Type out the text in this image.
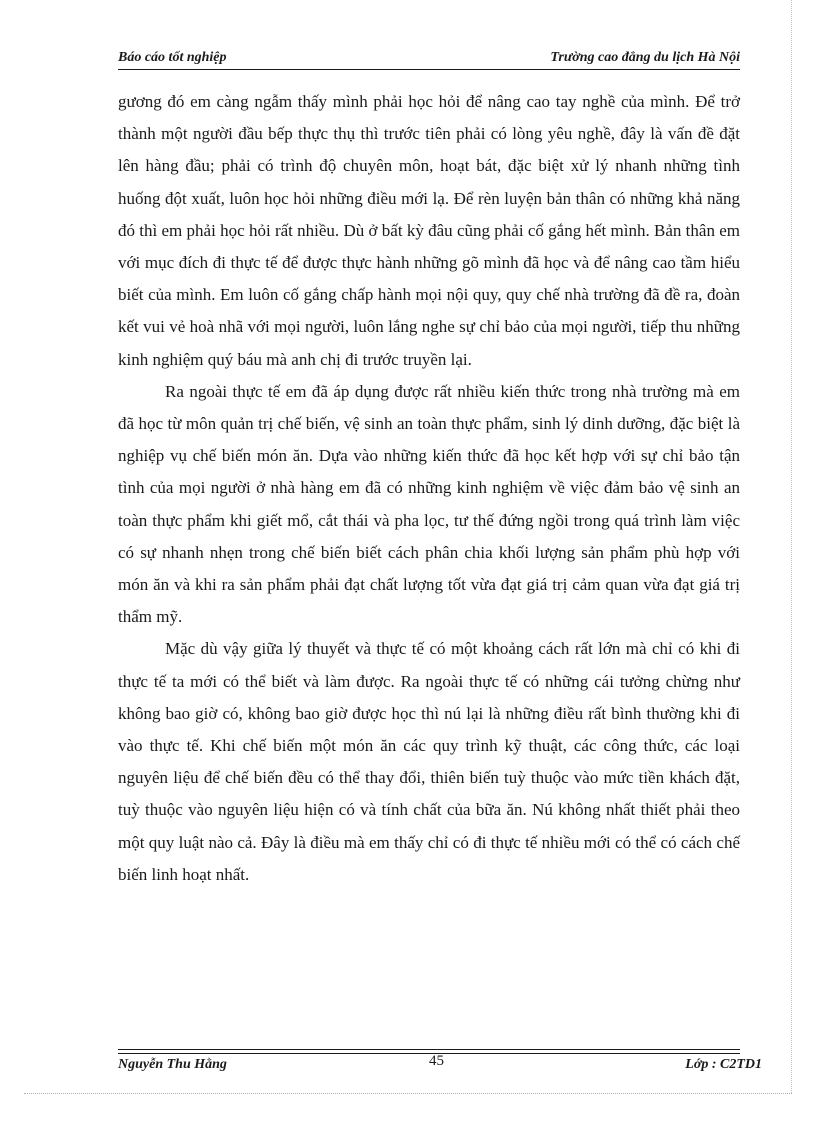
Báo cáo tốt nghiệp	Trường cao đẳng du lịch Hà Nội

gương đó em càng ngẫm thấy mình phải học hỏi để nâng cao tay nghề của mình. Để trở thành một người đầu bếp thực thụ thì trước tiên phải có lòng yêu nghề, đây là vấn đề đặt lên hàng đầu; phải có trình độ chuyên môn, hoạt bát, đặc biệt xử lý nhanh những tình huống đột xuất, luôn học hỏi những điều mới lạ. Để rèn luyện bản thân có những khả năng đó thì em phải học hỏi rất nhiều. Dù ở bất kỳ đâu cũng phải cố gắng hết mình. Bản thân em với mục đích đi thực tế để được thực hành những gõ mình đã học và để nâng cao tầm hiểu biết của mình. Em luôn cố gắng chấp hành mọi nội quy, quy chế nhà trường đã đề ra, đoàn kết vui vẻ hoà nhã với mọi người, luôn lắng nghe sự chỉ bảo của mọi người, tiếp thu những kinh nghiệm quý báu mà anh chị đi trước truyền lại.

Ra ngoài thực tế em đã áp dụng được rất nhiều kiến thức trong nhà trường mà em đã học từ môn quản trị chế biến, vệ sinh an toàn thực phẩm, sinh lý dinh dưỡng, đặc biệt là nghiệp vụ chế biến món ăn. Dựa vào những kiến thức đã học kết hợp với sự chỉ bảo tận tình của mọi người ở nhà hàng em đã có những kinh nghiệm về việc đảm bảo vệ sinh an toàn thực phẩm khi giết mổ, cắt thái và pha lọc, tư thế đứng ngồi trong quá trình làm việc có sự nhanh nhẹn trong chế biến biết cách phân chia khối lượng sản phẩm phù hợp với món ăn và khi ra sản phẩm phải đạt chất lượng tốt vừa đạt giá trị cảm quan vừa đạt giá trị thẩm mỹ.

Mặc dù vậy giữa lý thuyết và thực tế có một khoảng cách rất lớn mà chỉ có khi đi thực tế ta mới có thể biết và làm được. Ra ngoài thực tế có những cái tưởng chừng như không bao giờ có, không bao giờ được học thì nú lại là những điều rất bình thường khi đi vào thực tế. Khi chế biến một món ăn các quy trình kỹ thuật, các công thức, các loại nguyên liệu để chế biến đều có thể thay đổi, thiên biến tuỳ thuộc vào mức tiền khách đặt, tuỳ thuộc vào nguyên liệu hiện có và tính chất của bữa ăn. Nú không nhất thiết phải theo một quy luật nào cả. Đây là điều mà em thấy chỉ có đi thực tế nhiều mới có thể có cách chế biến linh hoạt nhất.

Nguyễn Thu Hằng	45	Lớp : C2TD1
